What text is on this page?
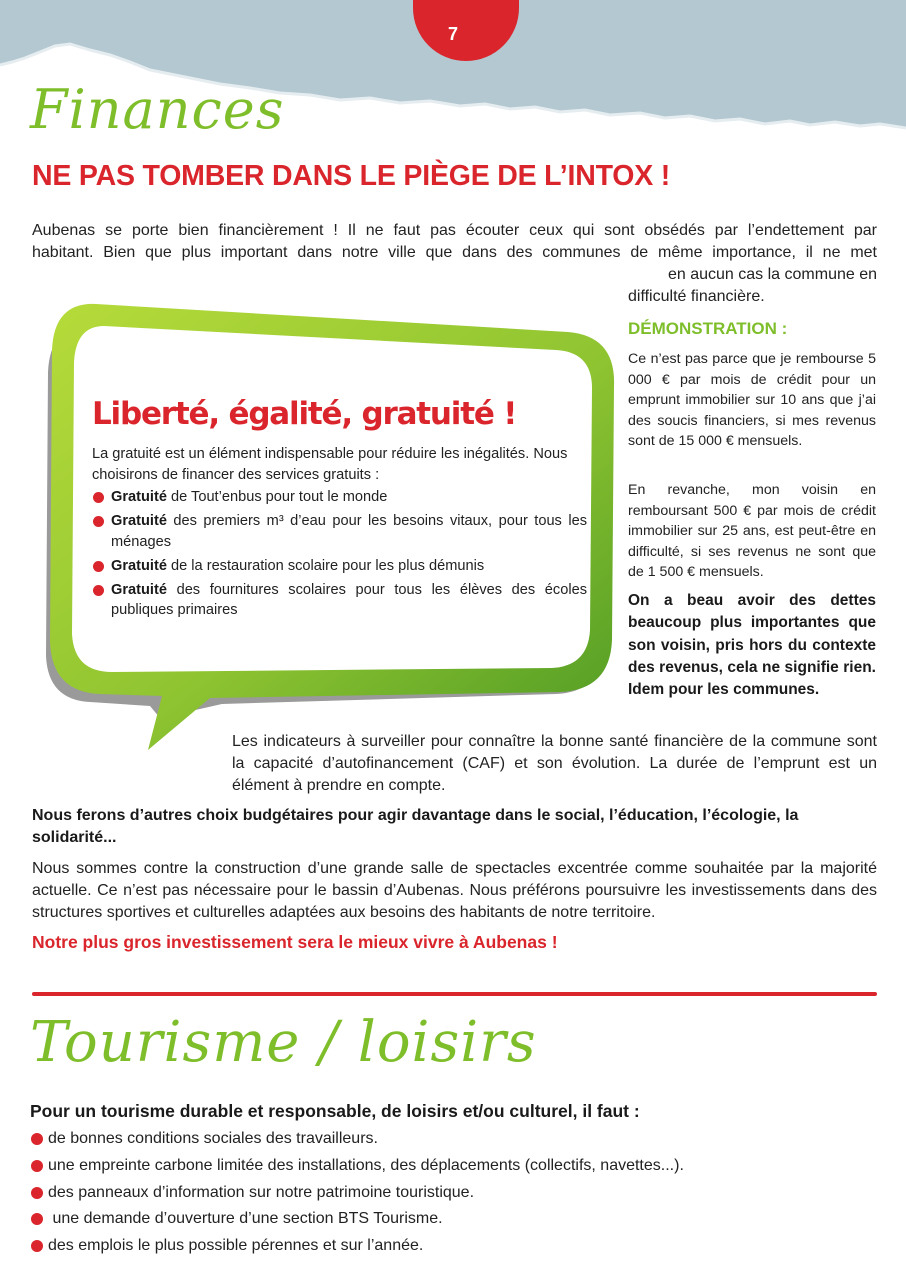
7
Finances
NE PAS TOMBER DANS LE PIÈGE DE L’INTOX !
Aubenas se porte bien financièrement ! Il ne faut pas écouter ceux qui sont obsédés par l’endettement par
habitant. Bien que plus important dans notre ville que dans des communes de même importance, il ne met
en aucun cas la commune en
difficulté financière.
DÉMONSTRATION :
Ce n’est pas parce que je rembourse 5 000 € par mois de crédit pour un emprunt immobilier sur 10 ans que j’ai des soucis financiers, si mes revenus sont de 15 000 € mensuels.
En revanche, mon voisin en remboursant 500 € par mois de crédit immobilier sur 25 ans, est peut-être en difficulté, si ses revenus ne sont que de 1 500 € mensuels.
On a beau avoir des dettes beaucoup plus importantes que son voisin, pris hors du contexte des revenus, cela ne signifie rien. Idem pour les communes.
Liberté, égalité, gratuité !
La gratuité est un élément indispensable pour réduire les inégalités. Nous choisirons de financer des services gratuits :
Gratuité de Tout’enbus pour tout le monde
Gratuité des premiers m³ d’eau pour les besoins vitaux, pour tous les ménages
Gratuité de la restauration scolaire pour les plus démunis
Gratuité des fournitures scolaires pour tous les élèves des écoles publiques primaires
Les indicateurs à surveiller pour connaître la bonne santé financière de la commune sont la capacité d’autofinancement (CAF) et son évolution. La durée de l’emprunt est un élément à prendre en compte.
Nous ferons d’autres choix budgétaires pour agir davantage dans le social, l’éducation, l’écologie, la solidarité...
Nous sommes contre la construction d’une grande salle de spectacles excentrée comme souhaitée par la majorité actuelle. Ce n’est pas nécessaire pour le bassin d’Aubenas. Nous préférons poursuivre les investissements dans des structures sportives et culturelles adaptées aux besoins des habitants de notre territoire.
Notre plus gros investissement sera le mieux vivre à Aubenas !
Tourisme / loisirs
Pour un tourisme durable et responsable, de loisirs et/ou culturel, il faut :
de bonnes conditions sociales des travailleurs.
une empreinte carbone limitée des installations, des déplacements (collectifs, navettes...).
des panneaux d’information sur notre patrimoine touristique.
une demande d’ouverture d’une section BTS Tourisme.
des emplois le plus possible pérennes et sur l’année.
